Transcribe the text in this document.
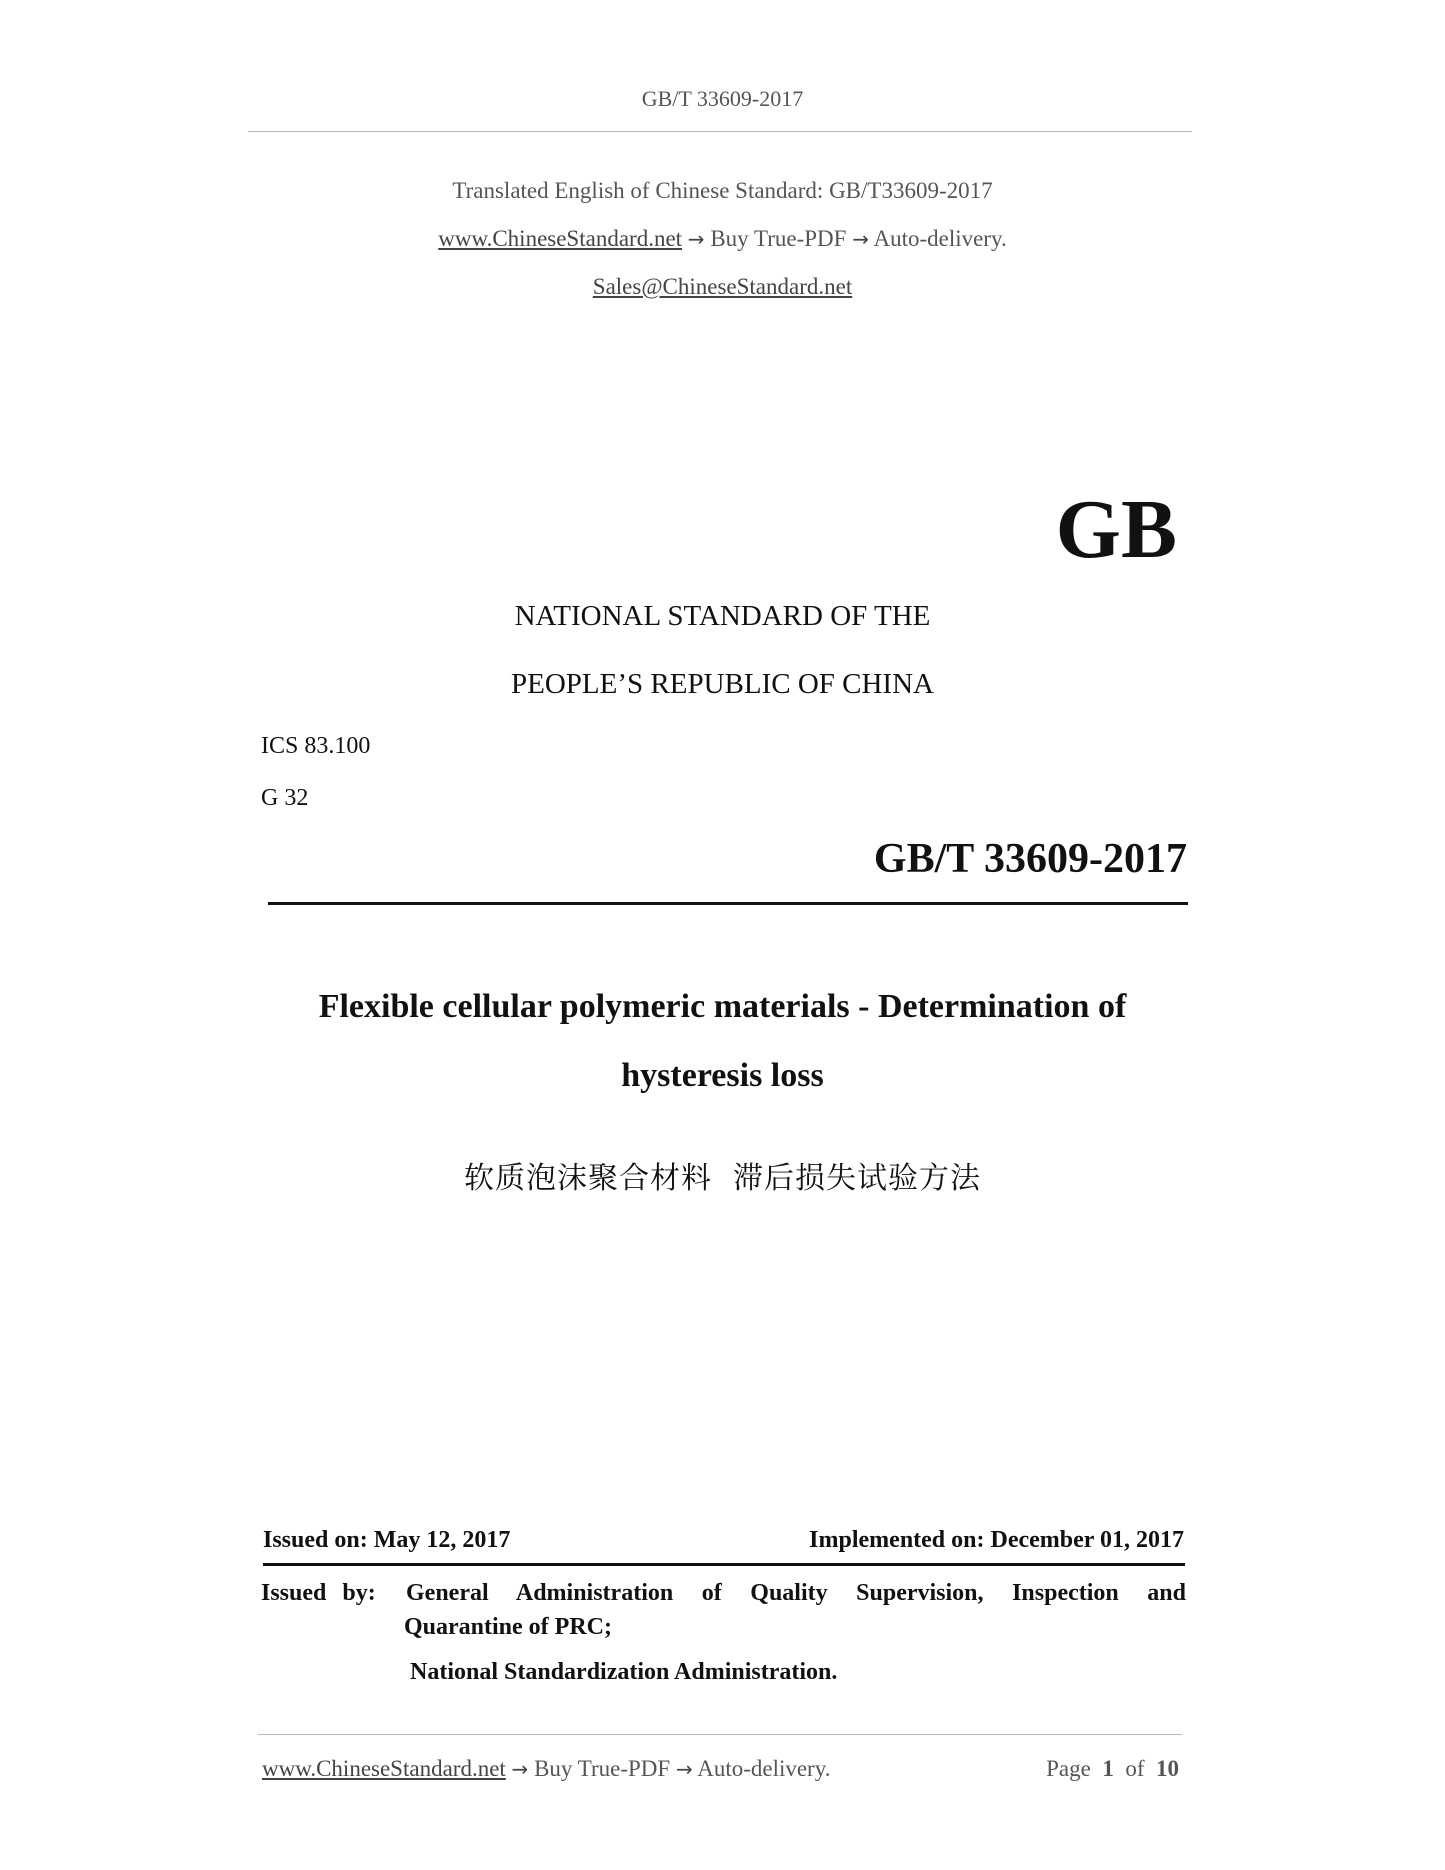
GB/T 33609-2017
Translated English of Chinese Standard: GB/T33609-2017
www.ChineseStandard.net → Buy True-PDF → Auto-delivery.
Sales@ChineseStandard.net
GB
NATIONAL STANDARD OF THE
PEOPLE’S REPUBLIC OF CHINA
ICS 83.100
G 32
GB/T 33609-2017
Flexible cellular polymeric materials - Determination of
hysteresis loss
软质泡沫聚合材料  滞后损失试验方法
Issued on: May 12, 2017	Implemented on: December 01, 2017
Issued by: General Administration of Quality Supervision, Inspection and
Quarantine of PRC;
National Standardization Administration.
www.ChineseStandard.net → Buy True-PDF → Auto-delivery.	Page 1 of 10
